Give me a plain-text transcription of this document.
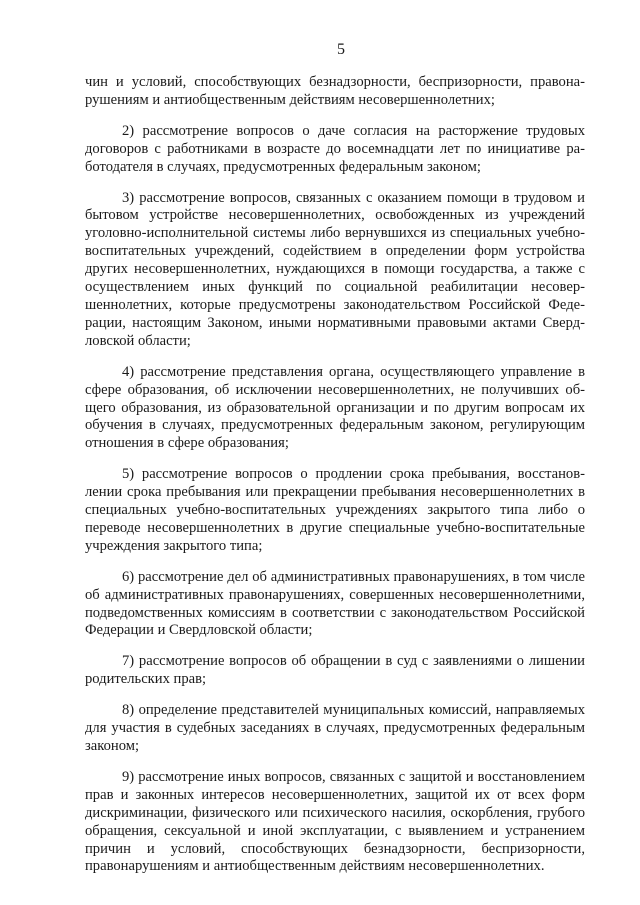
5

чин и условий, способствующих безнадзорности, беспризорности, правонарушениям и антиобщественным действиям несовершеннолетних;

2) рассмотрение вопросов о даче согласия на расторжение трудовых договоров с работниками в возрасте до восемнадцати лет по инициативе работодателя в случаях, предусмотренных федеральным законом;

3) рассмотрение вопросов, связанных с оказанием помощи в трудовом и бытовом устройстве несовершеннолетних, освобожденных из учреждений уголовно-исполнительной системы либо вернувшихся из специальных учебно-воспитательных учреждений, содействием в определении форм устройства других несовершеннолетних, нуждающихся в помощи государства, а также с осуществлением иных функций по социальной реабилитации несовершеннолетних, которые предусмотрены законодательством Российской Федерации, настоящим Законом, иными нормативными правовыми актами Свердловской области;

4) рассмотрение представления органа, осуществляющего управление в сфере образования, об исключении несовершеннолетних, не получивших общего образования, из образовательной организации и по другим вопросам их обучения в случаях, предусмотренных федеральным законом, регулирующим отношения в сфере образования;

5) рассмотрение вопросов о продлении срока пребывания, восстановлении срока пребывания или прекращении пребывания несовершеннолетних в специальных учебно-воспитательных учреждениях закрытого типа либо о переводе несовершеннолетних в другие специальные учебно-воспитательные учреждения закрытого типа;

6) рассмотрение дел об административных правонарушениях, в том числе об административных правонарушениях, совершенных несовершеннолетними, подведомственных комиссиям в соответствии с законодательством Российской Федерации и Свердловской области;

7) рассмотрение вопросов об обращении в суд с заявлениями о лишении родительских прав;

8) определение представителей муниципальных комиссий, направляемых для участия в судебных заседаниях в случаях, предусмотренных федеральным законом;

9) рассмотрение иных вопросов, связанных с защитой и восстановлением прав и законных интересов несовершеннолетних, защитой их от всех форм дискриминации, физического или психического насилия, оскорбления, грубого обращения, сексуальной и иной эксплуатации, с выявлением и устранением причин и условий, способствующих безнадзорности, беспризорности, правонарушениям и антиобщественным действиям несовершеннолетних.
